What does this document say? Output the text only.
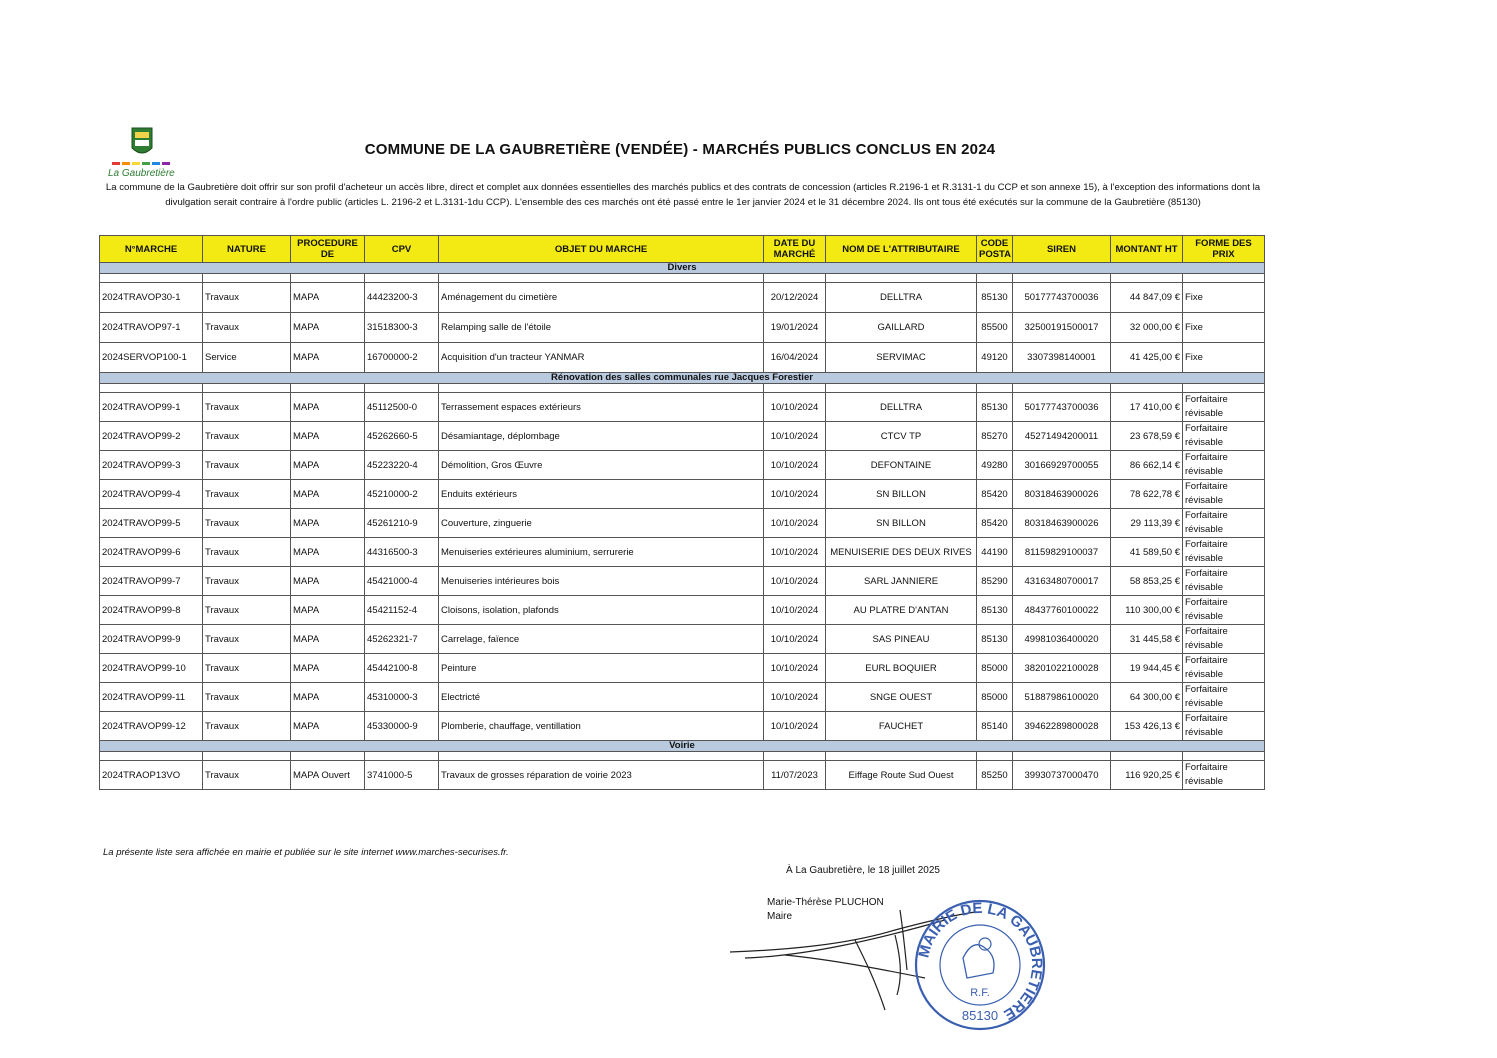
La Gaubretière
COMMUNE DE LA GAUBRETIÈRE (VENDÉE) - MARCHÉS PUBLICS CONCLUS EN 2024
La commune de la Gaubretière doit offrir sur son profil d'acheteur un accès libre, direct et complet aux données essentielles des marchés publics et des contrats de concession (articles R.2196-1 et R.3131-1 du CCP et son annexe 15), à l'exception des informations dont la divulgation serait contraire à l'ordre public (articles L. 2196-2 et L.3131-1du CCP). L'ensemble des ces marchés ont été passé entre le 1er janvier 2024 et le 31 décembre 2024. Ils ont tous été exécutés sur la commune de la Gaubretière (85130)
N°MARCHE	NATURE	PROCEDURE DE	CPV	OBJET DU MARCHE	DATE DU MARCHÉ	NOM DE L'ATTRIBUTAIRE	CODE POSTA	SIREN	MONTANT HT	FORME DES PRIX
Divers										

2024TRAVOP30-1	Travaux	MAPA	44423200-3	Aménagement du cimetière	20/12/2024	DELLTRA	85130	50177743700036	44 847,09 €	Fixe
2024TRAVOP97-1	Travaux	MAPA	31518300-3	Relamping salle de l'étoile	19/01/2024	GAILLARD	85500	32500191500017	32 000,00 €	Fixe
2024SERVOP100-1	Service	MAPA	16700000-2	Acquisition d'un tracteur YANMAR	16/04/2024	SERVIMAC	49120	3307398140001	41 425,00 €	Fixe
Rénovation des salles communales rue Jacques Forestier										

2024TRAVOP99-1	Travaux	MAPA	45112500-0	Terrassement espaces extérieurs	10/10/2024	DELLTRA	85130	50177743700036	17 410,00 €	Forfaitaire révisable
2024TRAVOP99-2	Travaux	MAPA	45262660-5	Désamiantage, déplombage	10/10/2024	CTCV TP	85270	45271494200011	23 678,59 €	Forfaitaire révisable
2024TRAVOP99-3	Travaux	MAPA	45223220-4	Démolition, Gros Œuvre	10/10/2024	DEFONTAINE	49280	30166929700055	86 662,14 €	Forfaitaire révisable
2024TRAVOP99-4	Travaux	MAPA	45210000-2	Enduits extérieurs	10/10/2024	SN BILLON	85420	80318463900026	78 622,78 €	Forfaitaire révisable
2024TRAVOP99-5	Travaux	MAPA	45261210-9	Couverture, zinguerie	10/10/2024	SN BILLON	85420	80318463900026	29 113,39 €	Forfaitaire révisable
2024TRAVOP99-6	Travaux	MAPA	44316500-3	Menuiseries extérieures aluminium, serrurerie	10/10/2024	MENUISERIE DES DEUX RIVES	44190	81159829100037	41 589,50 €	Forfaitaire révisable
2024TRAVOP99-7	Travaux	MAPA	45421000-4	Menuiseries intérieures bois	10/10/2024	SARL JANNIERE	85290	43163480700017	58 853,25 €	Forfaitaire révisable
2024TRAVOP99-8	Travaux	MAPA	45421152-4	Cloisons, isolation, plafonds	10/10/2024	AU PLATRE D'ANTAN	85130	48437760100022	110 300,00 €	Forfaitaire révisable
2024TRAVOP99-9	Travaux	MAPA	45262321-7	Carrelage, faïence	10/10/2024	SAS PINEAU	85130	49981036400020	31 445,58 €	Forfaitaire révisable
2024TRAVOP99-10	Travaux	MAPA	45442100-8	Peinture	10/10/2024	EURL BOQUIER	85000	38201022100028	19 944,45 €	Forfaitaire révisable
2024TRAVOP99-11	Travaux	MAPA	45310000-3	Electricté	10/10/2024	SNGE OUEST	85000	51887986100020	64 300,00 €	Forfaitaire révisable
2024TRAVOP99-12	Travaux	MAPA	45330000-9	Plomberie, chauffage, ventillation	10/10/2024	FAUCHET	85140	39462289800028	153 426,13 €	Forfaitaire révisable
Voirie										

2024TRAOP13VO	Travaux	MAPA Ouvert	3741000-5	Travaux de grosses réparation de voirie 2023	11/07/2023	Eiffage Route Sud Ouest	85250	39930737000470	116 920,25 €	Forfaitaire révisable
La présente liste sera affichée en mairie et publiée sur le site internet www.marches-securises.fr.
À La Gaubretière, le 18 juillet 2025
Marie-Thérèse PLUCHON
Maire
MAIRIE DE LA GAUBRETIÈRE
R.F.
85130
